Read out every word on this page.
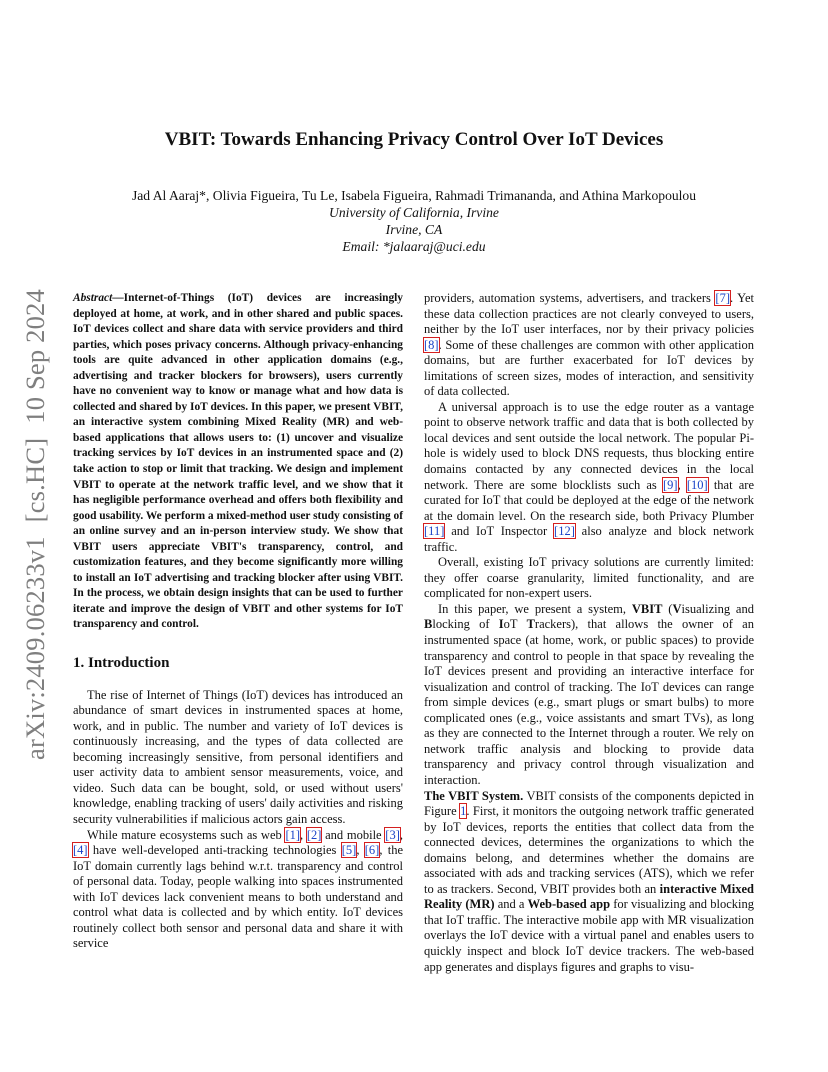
arXiv:2409.06233v1[cs.HC]10 Sep 2024
VBIT: Towards Enhancing Privacy Control Over IoT Devices
Jad Al Aaraj*, Olivia Figueira, Tu Le, Isabela Figueira, Rahmadi Trimananda, and Athina Markopoulou
University of California, Irvine
Irvine, CA
Email: *jalaaraj@uci.edu

Abstract—Internet-of-Things (IoT) devices are increasingly deployed at home, at work, and in other shared and public spaces. IoT devices collect and share data with service providers and third parties, which poses privacy concerns. Although privacy-enhancing tools are quite advanced in other application domains (e.g., advertising and tracker blockers for browsers), users currently have no convenient way to know or manage what and how data is collected and shared by IoT devices. In this paper, we present VBIT, an interactive system combining Mixed Reality (MR) and web-based applications that allows users to: (1) uncover and visualize tracking services by IoT devices in an instrumented space and (2) take action to stop or limit that tracking. We design and implement VBIT to operate at the network traffic level, and we show that it has negligible performance overhead and offers both flexibility and good usability. We perform a mixed-method user study consisting of an online survey and an in-person interview study. We show that VBIT users appreciate VBIT's transparency, control, and customization features, and they become significantly more willing to install an IoT advertising and tracking blocker after using VBIT. In the process, we obtain design insights that can be used to further iterate and improve the design of VBIT and other systems for IoT transparency and control.

1. Introduction

The rise of Internet of Things (IoT) devices has introduced an abundance of smart devices in instrumented spaces at home, work, and in public. The number and variety of IoT devices is continuously increasing, and the types of data collected are becoming increasingly sensitive, from personal identifiers and user activity data to ambient sensor measurements, voice, and video. Such data can be bought, sold, or used without users' knowledge, enabling tracking of users' daily activities and risking security vulnerabilities if malicious actors gain access.

While mature ecosystems such as web [ 1 ] , [ 2 ] and mobile [ 3 ] , [ 4 ] have well-developed anti-tracking technologies [ 5 ] , [ 6 ] , the IoT domain currently lags behind w.r.t. transparency and control of personal data. Today, people walking into spaces instrumented with IoT devices lack convenient means to both understand and control what data is collected and by which entity. IoT devices routinely collect both sensor and personal data and share it with service

providers, automation systems, advertisers, and trackers [ 7 ] . Yet these data collection practices are not clearly conveyed to users, neither by the IoT user interfaces, nor by their privacy policies [ 8 ] . Some of these challenges are common with other application domains, but are further exacerbated for IoT devices by limitations of screen sizes, modes of interaction, and sensitivity of data collected.

A universal approach is to use the edge router as a vantage point to observe network traffic and data that is both collected by local devices and sent outside the local network. The popular Pi-hole is widely used to block DNS requests, thus blocking entire domains contacted by any connected devices in the local network. There are some blocklists such as [ 9 ] , [ 10 ] that are curated for IoT that could be deployed at the edge of the network at the domain level. On the research side, both Privacy Plumber [ 11 ] and IoT Inspector [ 12 ] also analyze and block network traffic.

Overall, existing IoT privacy solutions are currently limited: they offer coarse granularity, limited functionality, and are complicated for non-expert users.

In this paper, we present a system, VBIT (Visualizing and Blocking of IoT Trackers), that allows the owner of an instrumented space (at home, work, or public spaces) to provide transparency and control to people in that space by revealing the IoT devices present and providing an interactive interface for visualization and control of tracking. The IoT devices can range from simple devices (e.g., smart plugs or smart bulbs) to more complicated ones (e.g., voice assistants and smart TVs), as long as they are connected to the Internet through a router. We rely on network traffic analysis and blocking to provide data transparency and privacy control through visualization and interaction.

The VBIT System. VBIT consists of the components depicted in Figure 1. First, it monitors the outgoing network traffic generated by IoT devices, reports the entities that collect data from the connected devices, determines the organizations to which the domains belong, and determines whether the domains are associated with ads and tracking services (ATS), which we refer to as trackers. Second, VBIT provides both an interactive Mixed Reality (MR) and a Web-based app for visualizing and blocking that IoT traffic. The interactive mobile app with MR visualization overlays the IoT device with a virtual panel and enables users to quickly inspect and block IoT device trackers. The web-based app generates and displays figures and graphs to visu-
